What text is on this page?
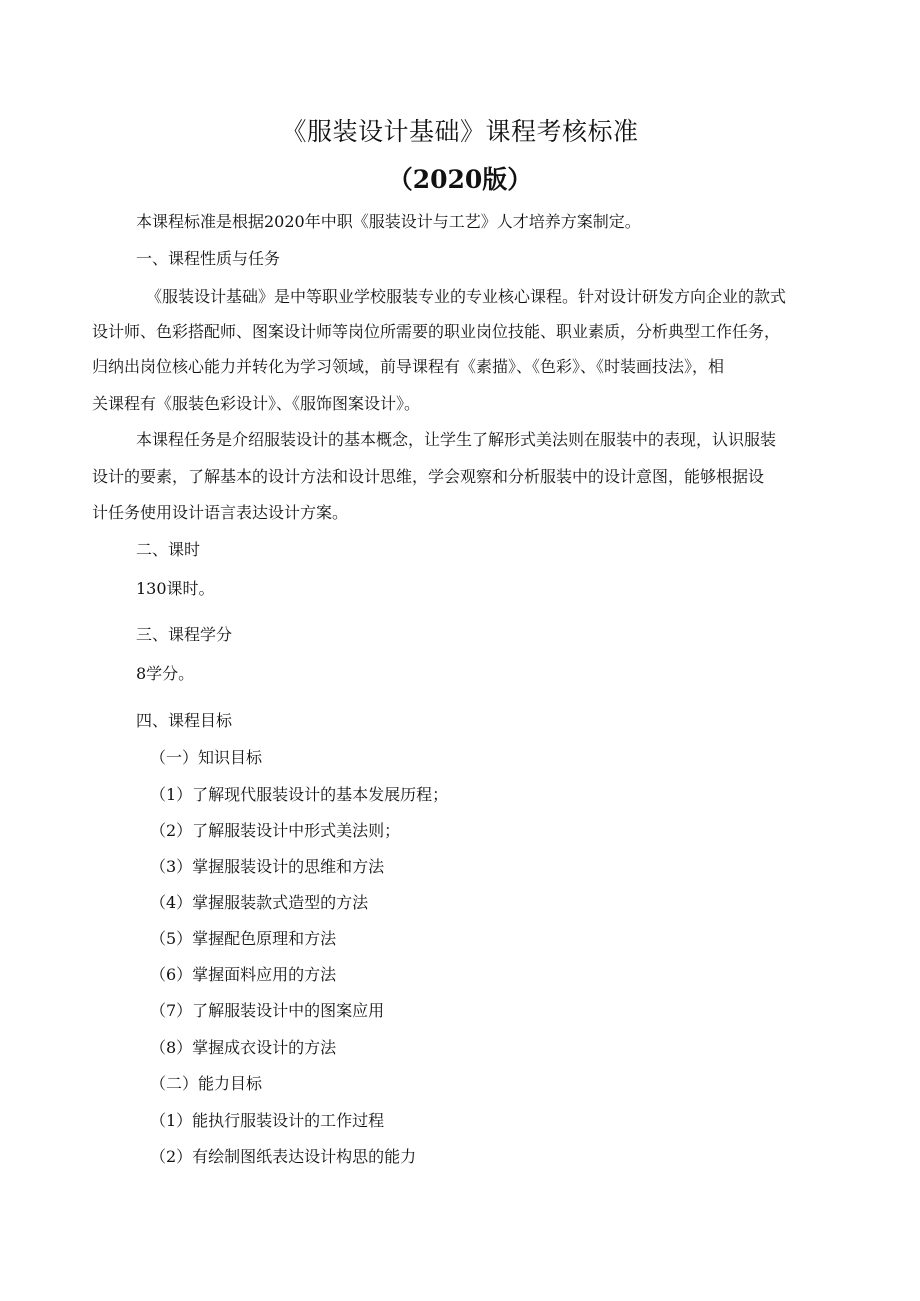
《服装设计基础》课程考核标准
（2020版）

本课程标准是根据2020年中职《服装设计与工艺》人才培养方案制定。

一、课程性质与任务

《服装设计基础》是中等职业学校服装专业的专业核心课程。针对设计研发方向企业的款式

设计师、色彩搭配师、图案设计师等岗位所需要的职业岗位技能、职业素质，分析典型工作任务，

归纳出岗位核心能力并转化为学习领域，前导课程有《素描》、《色彩》、《时装画技法》，相

关课程有《服装色彩设计》、《服饰图案设计》。

本课程任务是介绍服装设计的基本概念，让学生了解形式美法则在服装中的表现，认识服装

设计的要素，了解基本的设计方法和设计思维，学会观察和分析服装中的设计意图，能够根据设

计任务使用设计语言表达设计方案。

二、课时

130课时。

三、课程学分

8学分。

四、课程目标

（一）知识目标

（1）了解现代服装设计的基本发展历程；

（2）了解服装设计中形式美法则；

（3）掌握服装设计的思维和方法

（4）掌握服装款式造型的方法

（5）掌握配色原理和方法

（6）掌握面料应用的方法

（7）了解服装设计中的图案应用

（8）掌握成衣设计的方法

（二）能力目标

（1）能执行服装设计的工作过程

（2）有绘制图纸表达设计构思的能力
